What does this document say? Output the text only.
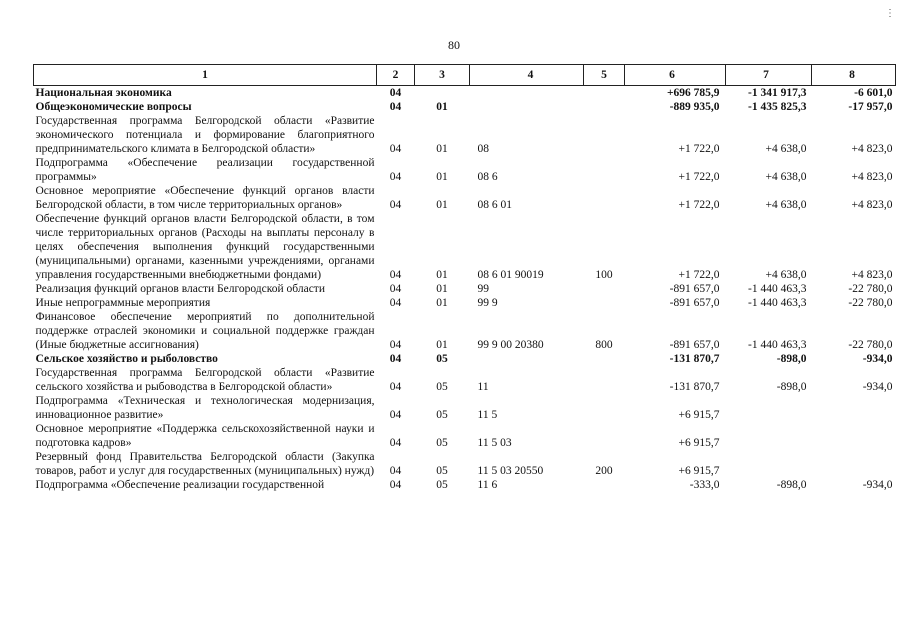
80
⋮
1	2	3	4	5	6	7	8
Национальная экономика	04				+696 785,9	-1 341 917,3	-6 601,0
Общеэкономические вопросы	04	01			-889 935,0	-1 435 825,3	-17 957,0
Государственная программа Белгородской области «Развитие экономического потенциала и формирование благоприятного предпринимательского климата в Белгородской области»	04	01	08		+1 722,0	+4 638,0	+4 823,0
Подпрограмма «Обеспечение реализации государственной программы»	04	01	08 6		+1 722,0	+4 638,0	+4 823,0
Основное мероприятие «Обеспечение функций органов власти Белгородской области, в том числе территориальных органов»	04	01	08 6 01		+1 722,0	+4 638,0	+4 823,0
Обеспечение функций органов власти Белгородской области, в том числе территориальных органов (Расходы на выплаты персоналу в целях обеспечения выполнения функций государственными (муниципальными) органами, казенными учреждениями, органами управления государственными внебюджетными фондами)	04	01	08 6 01 90019	100	+1 722,0	+4 638,0	+4 823,0
Реализация функций органов власти Белгородской области	04	01	99		-891 657,0	-1 440 463,3	-22 780,0
Иные непрограммные мероприятия	04	01	99 9		-891 657,0	-1 440 463,3	-22 780,0
Финансовое обеспечение мероприятий по дополнительной поддержке отраслей экономики и социальной поддержке граждан (Иные бюджетные ассигнования)	04	01	99 9 00 20380	800	-891 657,0	-1 440 463,3	-22 780,0
Сельское хозяйство и рыболовство	04	05			-131 870,7	-898,0	-934,0
Государственная программа Белгородской области «Развитие сельского хозяйства и рыбоводства в Белгородской области»	04	05	11		-131 870,7	-898,0	-934,0
Подпрограмма «Техническая и технологическая модернизация, инновационное развитие»	04	05	11 5		+6 915,7		
Основное мероприятие «Поддержка сельскохозяйственной науки и подготовка кадров»	04	05	11 5 03		+6 915,7		
Резервный фонд Правительства Белгородской области (Закупка товаров, работ и услуг для государственных (муниципальных) нужд)	04	05	11 5 03 20550	200	+6 915,7		
Подпрограмма «Обеспечение реализации государственной	04	05	11 6		-333,0	-898,0	-934,0
